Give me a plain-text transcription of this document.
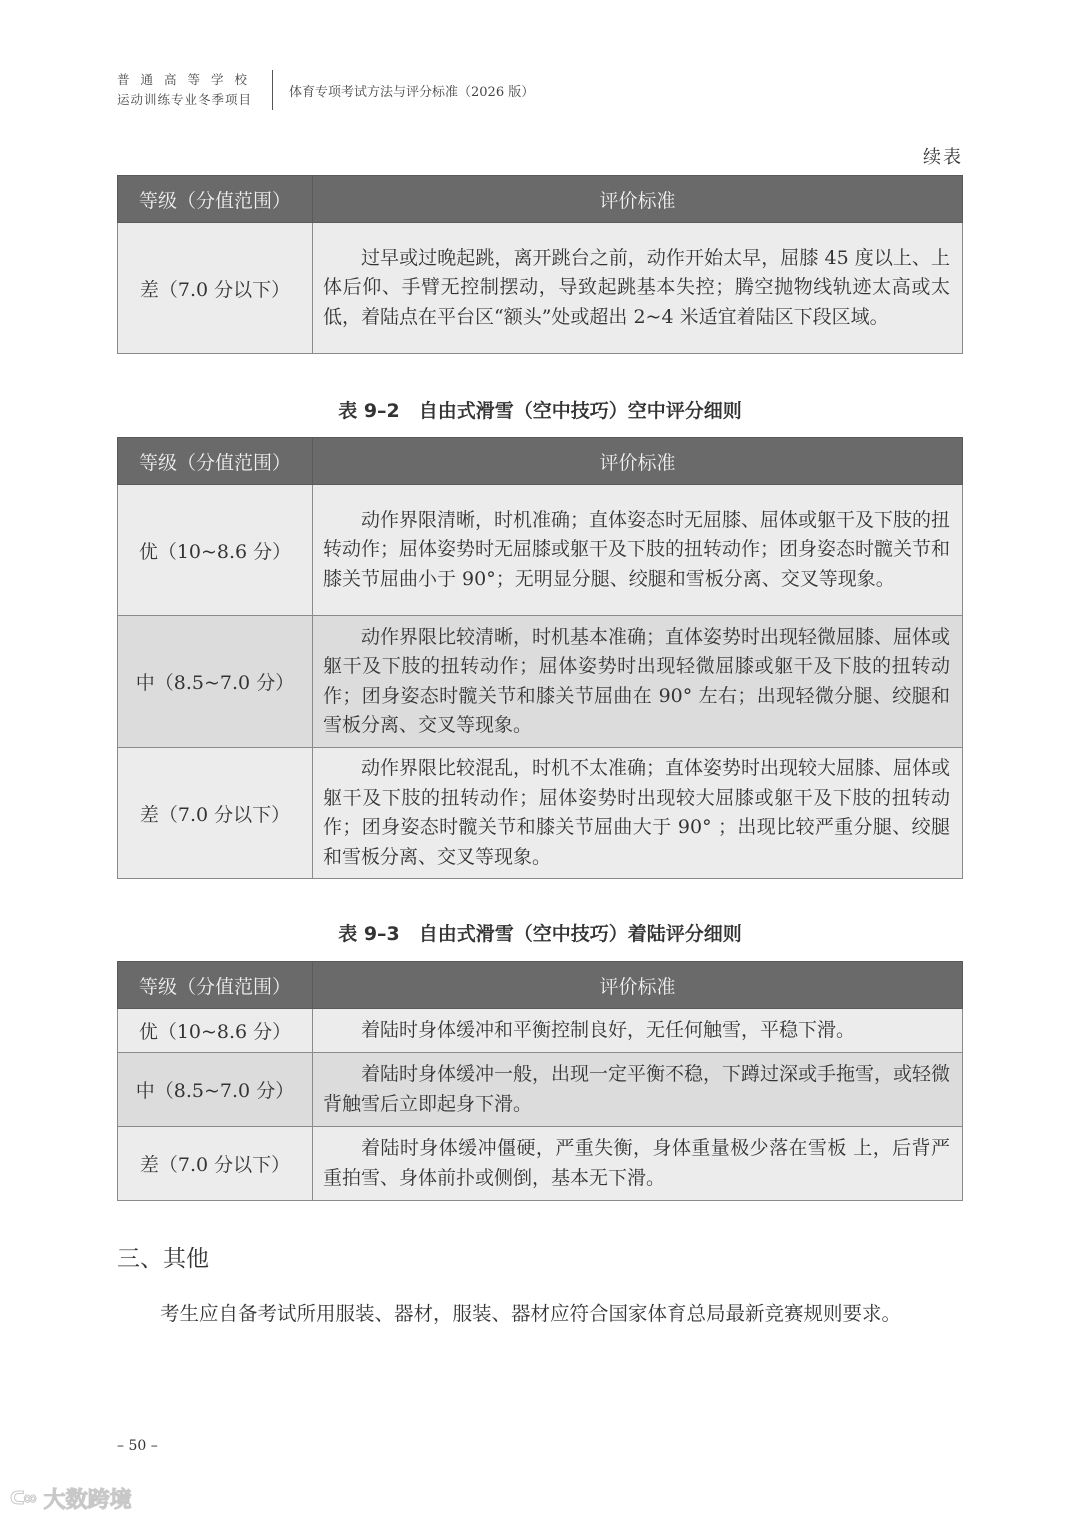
普通高等学校
运动训练专业冬季项目	体育专项考试方法与评分标准（2026 版）
续表
等级（分值范围）	评价标准
差（7.0 分以下）	过早或过晚起跳，离开跳台之前，动作开始太早，屈膝 45 度以上、上体后仰、手臂无控制摆动，导致起跳基本失控；腾空抛物线轨迹太高或太低，着陆点在平台区“额头”处或超出 2~4 米适宜着陆区下段区域。
表 9–2　自由式滑雪（空中技巧）空中评分细则
等级（分值范围）	评价标准
优（10~8.6 分）	动作界限清晰，时机准确；直体姿态时无屈膝、屈体或躯干及下肢的扭转动作；屈体姿势时无屈膝或躯干及下肢的扭转动作；团身姿态时髋关节和膝关节屈曲小于 90°；无明显分腿、绞腿和雪板分离、交叉等现象。
中（8.5~7.0 分）	动作界限比较清晰，时机基本准确；直体姿势时出现轻微屈膝、屈体或躯干及下肢的扭转动作；屈体姿势时出现轻微屈膝或躯干及下肢的扭转动作；团身姿态时髋关节和膝关节屈曲在 90° 左右；出现轻微分腿、绞腿和雪板分离、交叉等现象。
差（7.0 分以下）	动作界限比较混乱，时机不太准确；直体姿势时出现较大屈膝、屈体或躯干及下肢的扭转动作；屈体姿势时出现较大屈膝或躯干及下肢的扭转动作；团身姿态时髋关节和膝关节屈曲大于 90° ；出现比较严重分腿、绞腿和雪板分离、交叉等现象。
表 9–3　自由式滑雪（空中技巧）着陆评分细则
等级（分值范围）	评价标准
优（10~8.6 分）	着陆时身体缓冲和平衡控制良好，无任何触雪，平稳下滑。
中（8.5~7.0 分）	着陆时身体缓冲一般，出现一定平衡不稳，下蹲过深或手拖雪，或轻微背触雪后立即起身下滑。
差（7.0 分以下）	着陆时身体缓冲僵硬，严重失衡，身体重量极少落在雪板 上，后背严重拍雪、身体前扑或侧倒，基本无下滑。
三、其他
考生应自备考试所用服装、器材，服装、器材应符合国家体育总局最新竞赛规则要求。
– 50 –
ᑕ∞ 大数跨境
